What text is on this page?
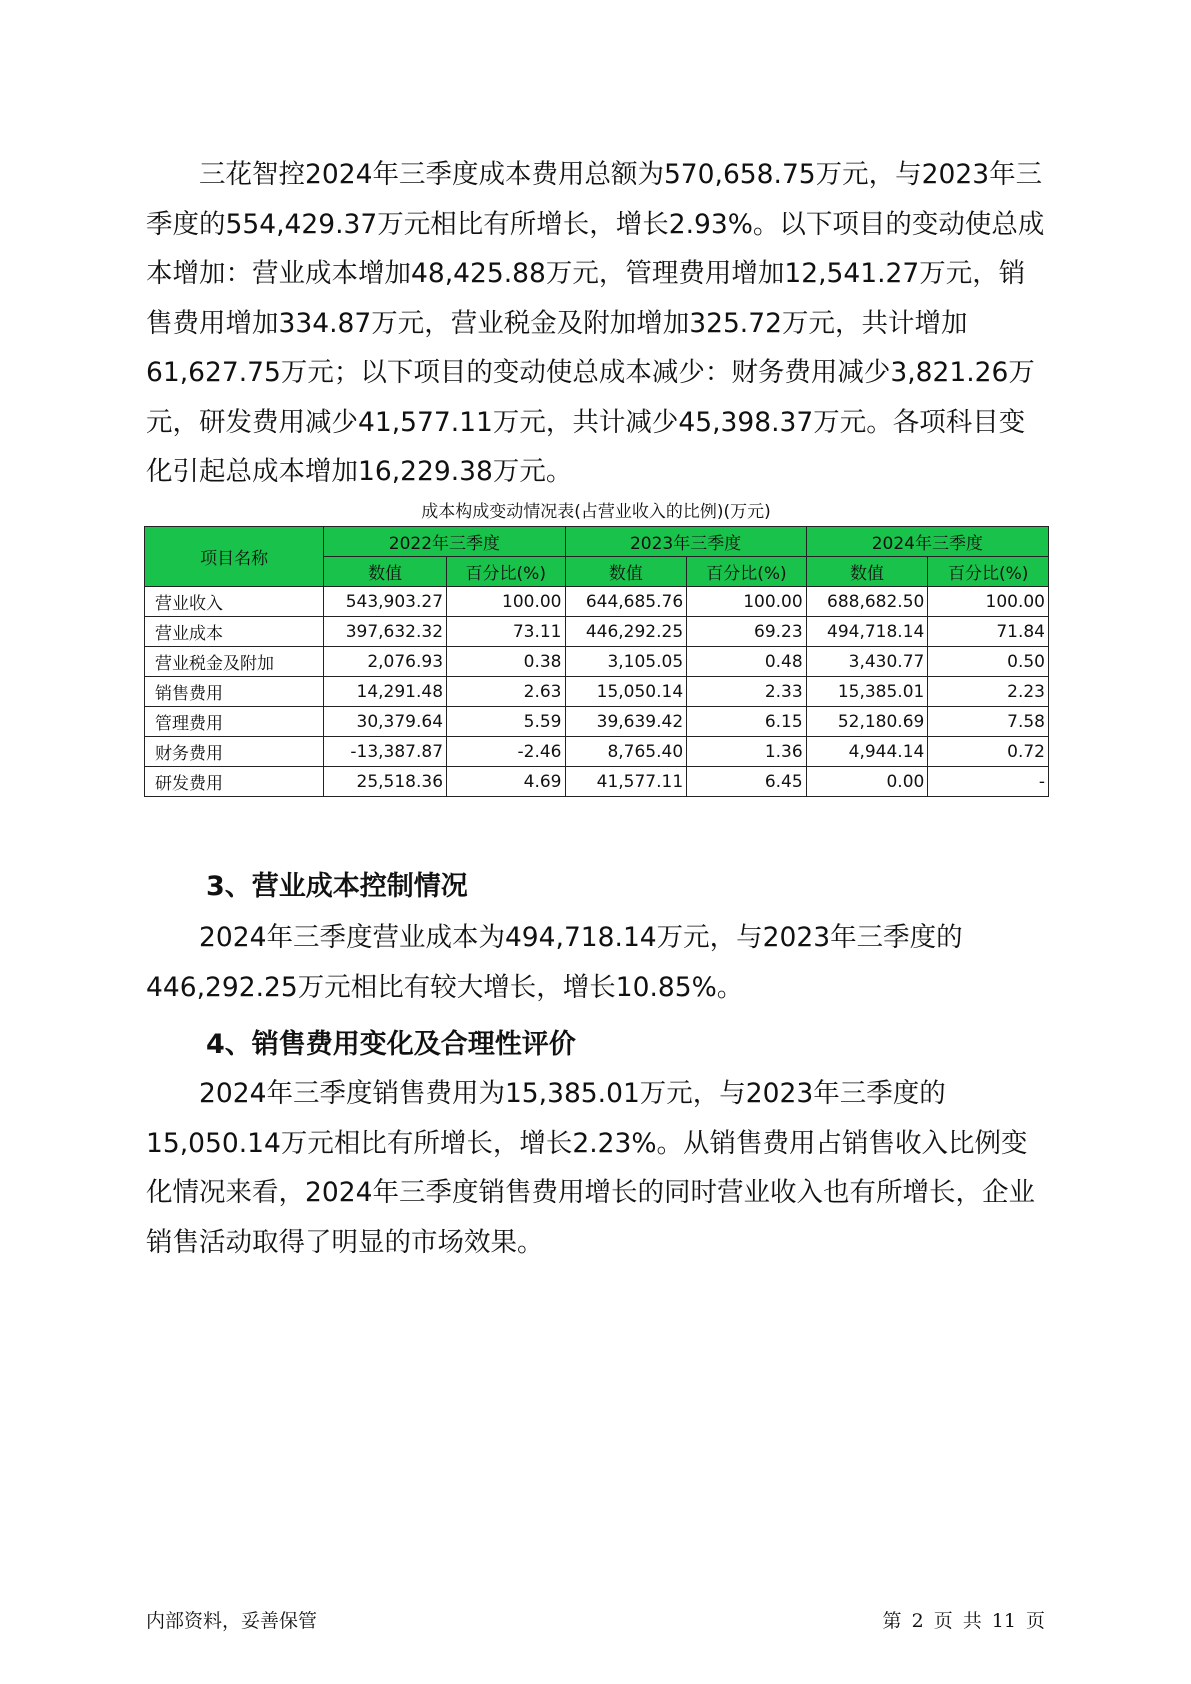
三花智控2024年三季度成本费用总额为570,658.75万元，与2023年三季度的554,429.37万元相比有所增长，增长2.93%。以下项目的变动使总成本增加：营业成本增加48,425.88万元，管理费用增加12,541.27万元，销售费用增加334.87万元，营业税金及附加增加325.72万元，共计增加61,627.75万元；以下项目的变动使总成本减少：财务费用减少3,821.26万元，研发费用减少41,577.11万元，共计减少45,398.37万元。各项科目变化引起总成本增加16,229.38万元。

成本构成变动情况表(占营业收入的比例)(万元)
项目名称	2022年三季度		2023年三季度		2024年三季度	
	数值	百分比(%)	数值	百分比(%)	数值	百分比(%)
营业收入	543,903.27	100.00	644,685.76	100.00	688,682.50	100.00
营业成本	397,632.32	73.11	446,292.25	69.23	494,718.14	71.84
营业税金及附加	2,076.93	0.38	3,105.05	0.48	3,430.77	0.50
销售费用	14,291.48	2.63	15,050.14	2.33	15,385.01	2.23
管理费用	30,379.64	5.59	39,639.42	6.15	52,180.69	7.58
财务费用	-13,387.87	-2.46	8,765.40	1.36	4,944.14	0.72
研发费用	25,518.36	4.69	41,577.11	6.45	0.00	-
3、营业成本控制情况

2024年三季度营业成本为494,718.14万元，与2023年三季度的446,292.25万元相比有较大增长，增长10.85%。

4、销售费用变化及合理性评价

2024年三季度销售费用为15,385.01万元，与2023年三季度的15,050.14万元相比有所增长，增长2.23%。从销售费用占销售收入比例变化情况来看，2024年三季度销售费用增长的同时营业收入也有所增长，企业销售活动取得了明显的市场效果。

内部资料，妥善保管	第 2 页 共 11 页
